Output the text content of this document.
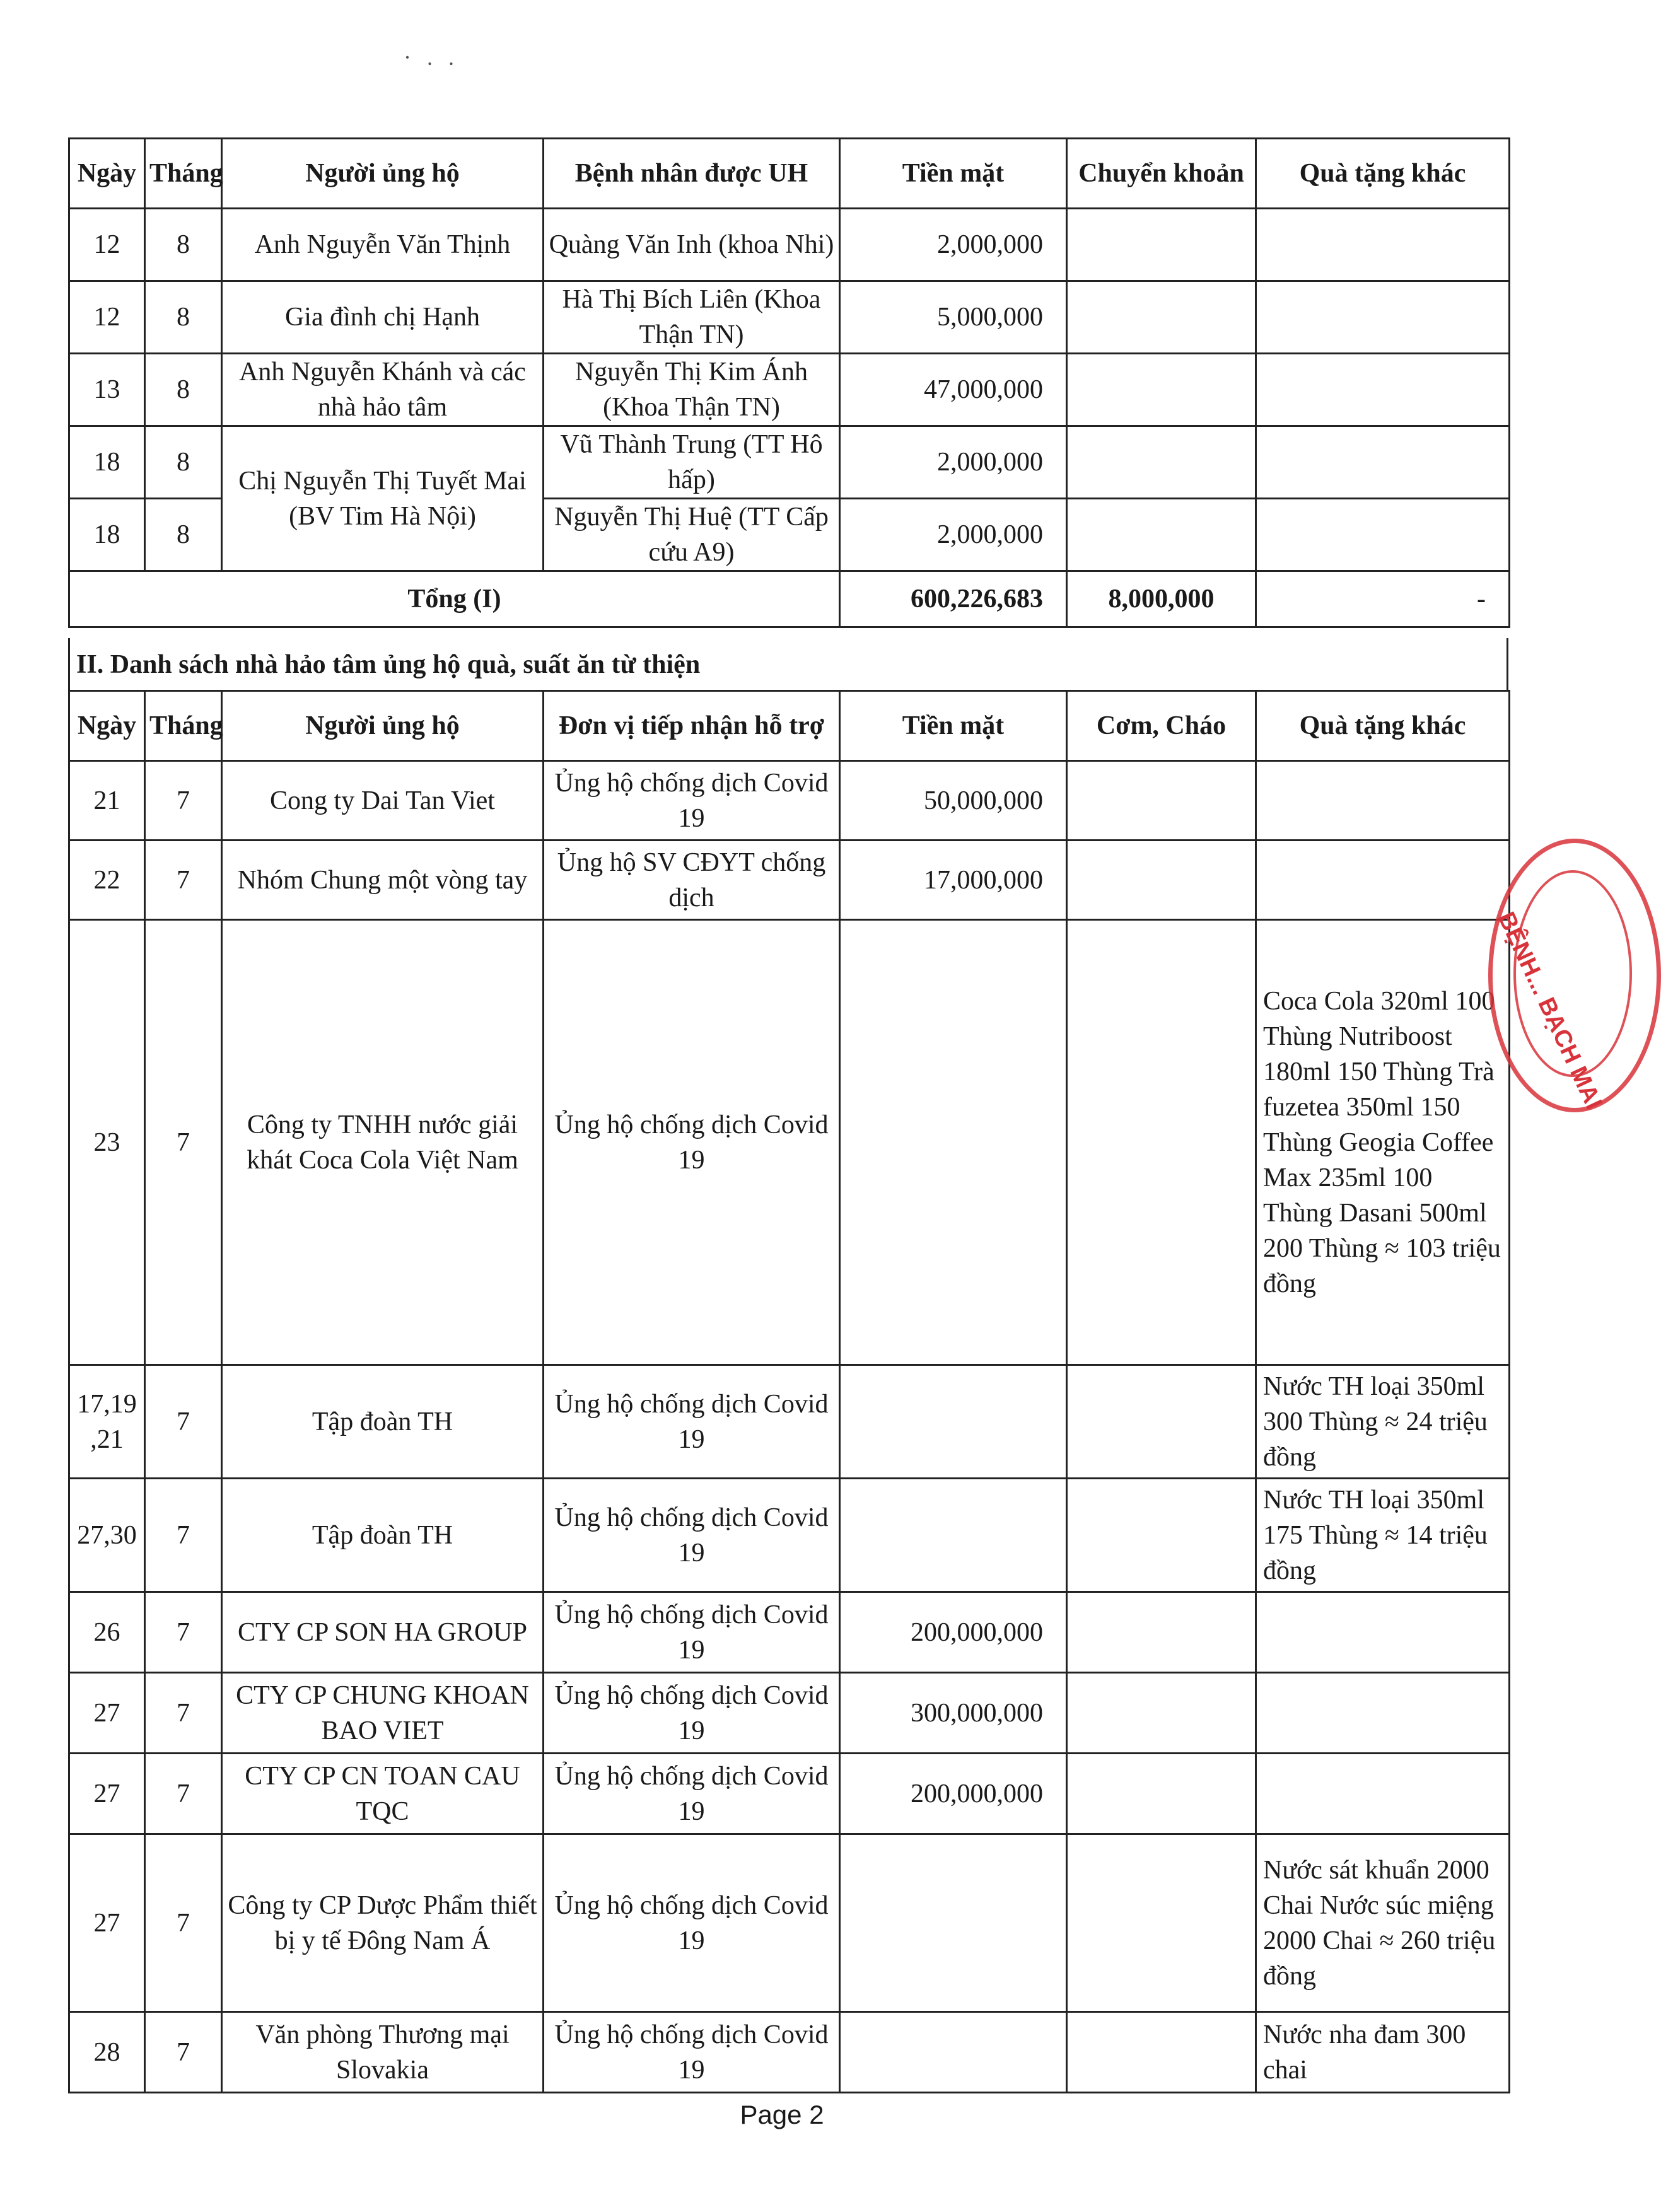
· . .
Ngày	Tháng	Người ủng hộ	Bệnh nhân được UH	Tiền mặt	Chuyển khoản	Quà tặng khác
12	8	Anh Nguyễn Văn Thịnh	Quàng Văn Inh (khoa Nhi)	2,000,000		
12	8	Gia đình chị Hạnh	Hà Thị Bích Liên (Khoa Thận TN)	5,000,000		
13	8	Anh Nguyễn Khánh và các nhà hảo tâm	Nguyễn Thị Kim Ánh (Khoa Thận TN)	47,000,000		
18	8	Chị Nguyễn Thị Tuyết Mai (BV Tim Hà Nội)	Vũ Thành Trung (TT Hô hấp)	2,000,000		
18	8		Nguyễn Thị Huệ (TT Cấp cứu A9)	2,000,000		
Tổng (I)				600,226,683	8,000,000	-
II. Danh sách nhà hảo tâm ủng hộ quà, suất ăn từ thiện
Ngày	Tháng	Người ủng hộ	Đơn vị tiếp nhận hỗ trợ	Tiền mặt	Cơm, Cháo	Quà tặng khác
21	7	Cong ty Dai Tan Viet	Ủng hộ chống dịch Covid 19	50,000,000		
22	7	Nhóm Chung một vòng tay	Ủng hộ SV CĐYT chống dịch	17,000,000		
23	7	Công ty TNHH nước giải khát Coca Cola Việt Nam	Ủng hộ chống dịch Covid 19			Coca Cola 320ml 100 Thùng Nutriboost 180ml 150 Thùng Trà fuzetea 350ml 150 Thùng Geogia Coffee Max 235ml 100 Thùng Dasani 500ml 200 Thùng ≈ 103 triệu đồng
17,19 ,21	7	Tập đoàn TH	Ủng hộ chống dịch Covid 19			Nước TH loại 350ml 300 Thùng ≈ 24 triệu đồng
27,30	7	Tập đoàn TH	Ủng hộ chống dịch Covid 19			Nước TH loại 350ml 175 Thùng ≈ 14 triệu đồng
26	7	CTY CP SON HA GROUP	Ủng hộ chống dịch Covid 19	200,000,000		
27	7	CTY CP CHUNG KHOAN BAO VIET	Ủng hộ chống dịch Covid 19	300,000,000		
27	7	CTY CP CN TOAN CAU TQC	Ủng hộ chống dịch Covid 19	200,000,000		
27	7	Công ty CP Dược Phẩm thiết bị y tế Đông Nam Á	Ủng hộ chống dịch Covid 19			Nước sát khuẩn 2000 Chai Nước súc miệng 2000 Chai ≈ 260 triệu đồng
28	7	Văn phòng Thương mại Slovakia	Ủng hộ chống dịch Covid 19			Nước nha đam 300 chai
BỆNH... BẠCH MAI
Page 2
